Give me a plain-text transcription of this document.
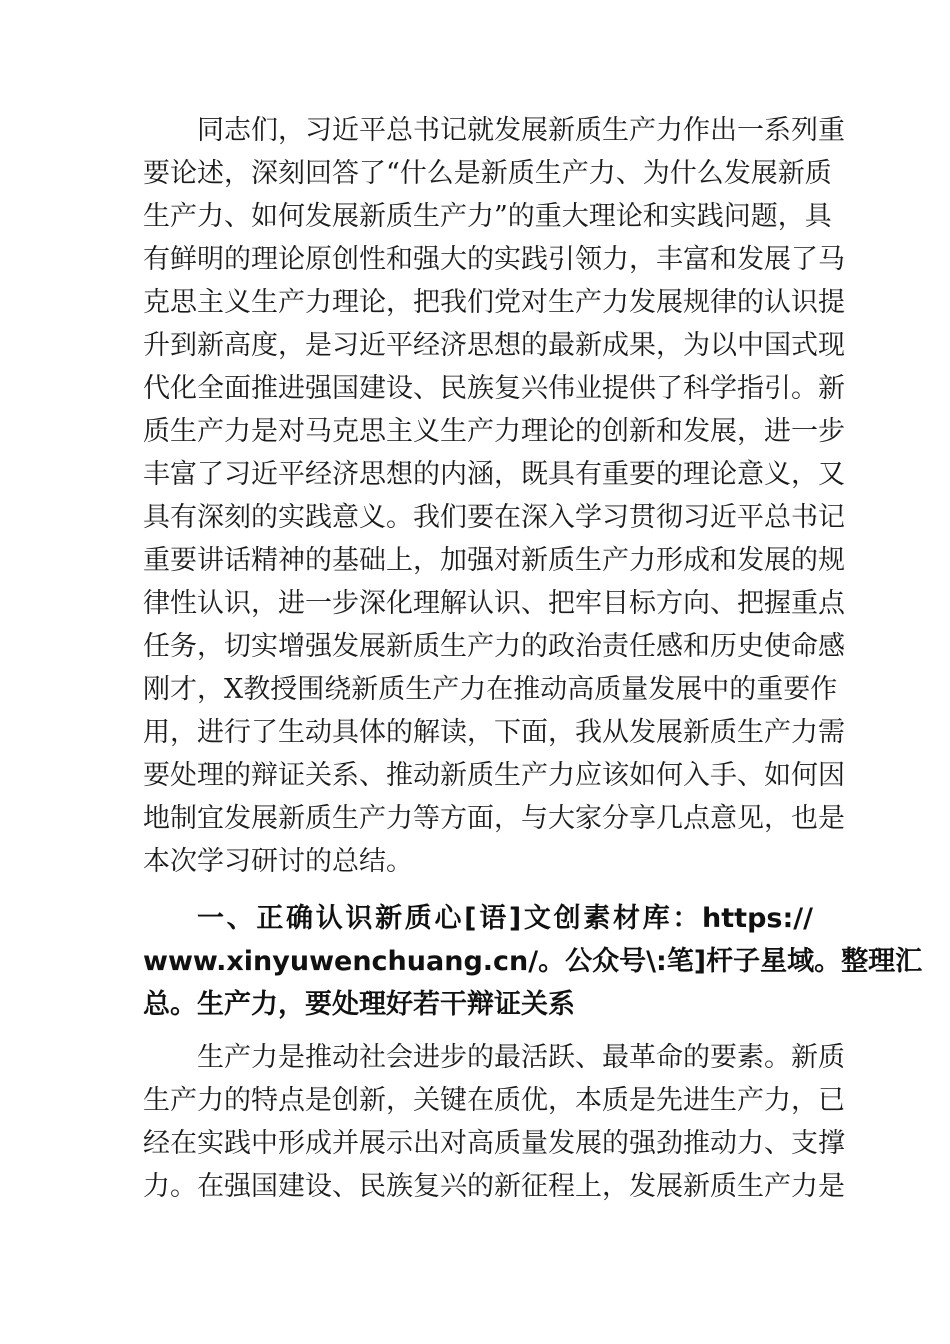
同志们，习近平总书记就发展新质生产力作出一系列重
要论述，深刻回答了“什么是新质生产力、为什么发展新质
生产力、如何发展新质生产力”的重大理论和实践问题，具
有鲜明的理论原创性和强大的实践引领力，丰富和发展了马
克思主义生产力理论，把我们党对生产力发展规律的认识提
升到新高度，是习近平经济思想的最新成果，为以中国式现
代化全面推进强国建设、民族复兴伟业提供了科学指引。新
质生产力是对马克思主义生产力理论的创新和发展，进一步
丰富了习近平经济思想的内涵，既具有重要的理论意义，又
具有深刻的实践意义。我们要在深入学习贯彻习近平总书记
重要讲话精神的基础上，加强对新质生产力形成和发展的规
律性认识，进一步深化理解认识、把牢目标方向、把握重点
任务，切实增强发展新质生产力的政治责任感和历史使命感
刚才，X教授围绕新质生产力在推动高质量发展中的重要作
用，进行了生动具体的解读，下面，我从发展新质生产力需
要处理的辩证关系、推动新质生产力应该如何入手、如何因
地制宜发展新质生产力等方面，与大家分享几点意见，也是
本次学习研讨的总结。
一、正确认识新质心[语]文创素材库：https://
www.xinyuwenchuang.cn/。公众号\:笔]杆子星域。整理汇
总。生产力，要处理好若干辩证关系
生产力是推动社会进步的最活跃、最革命的要素。新质
生产力的特点是创新，关键在质优，本质是先进生产力，已
经在实践中形成并展示出对高质量发展的强劲推动力、支撑
力。在强国建设、民族复兴的新征程上，发展新质生产力是
